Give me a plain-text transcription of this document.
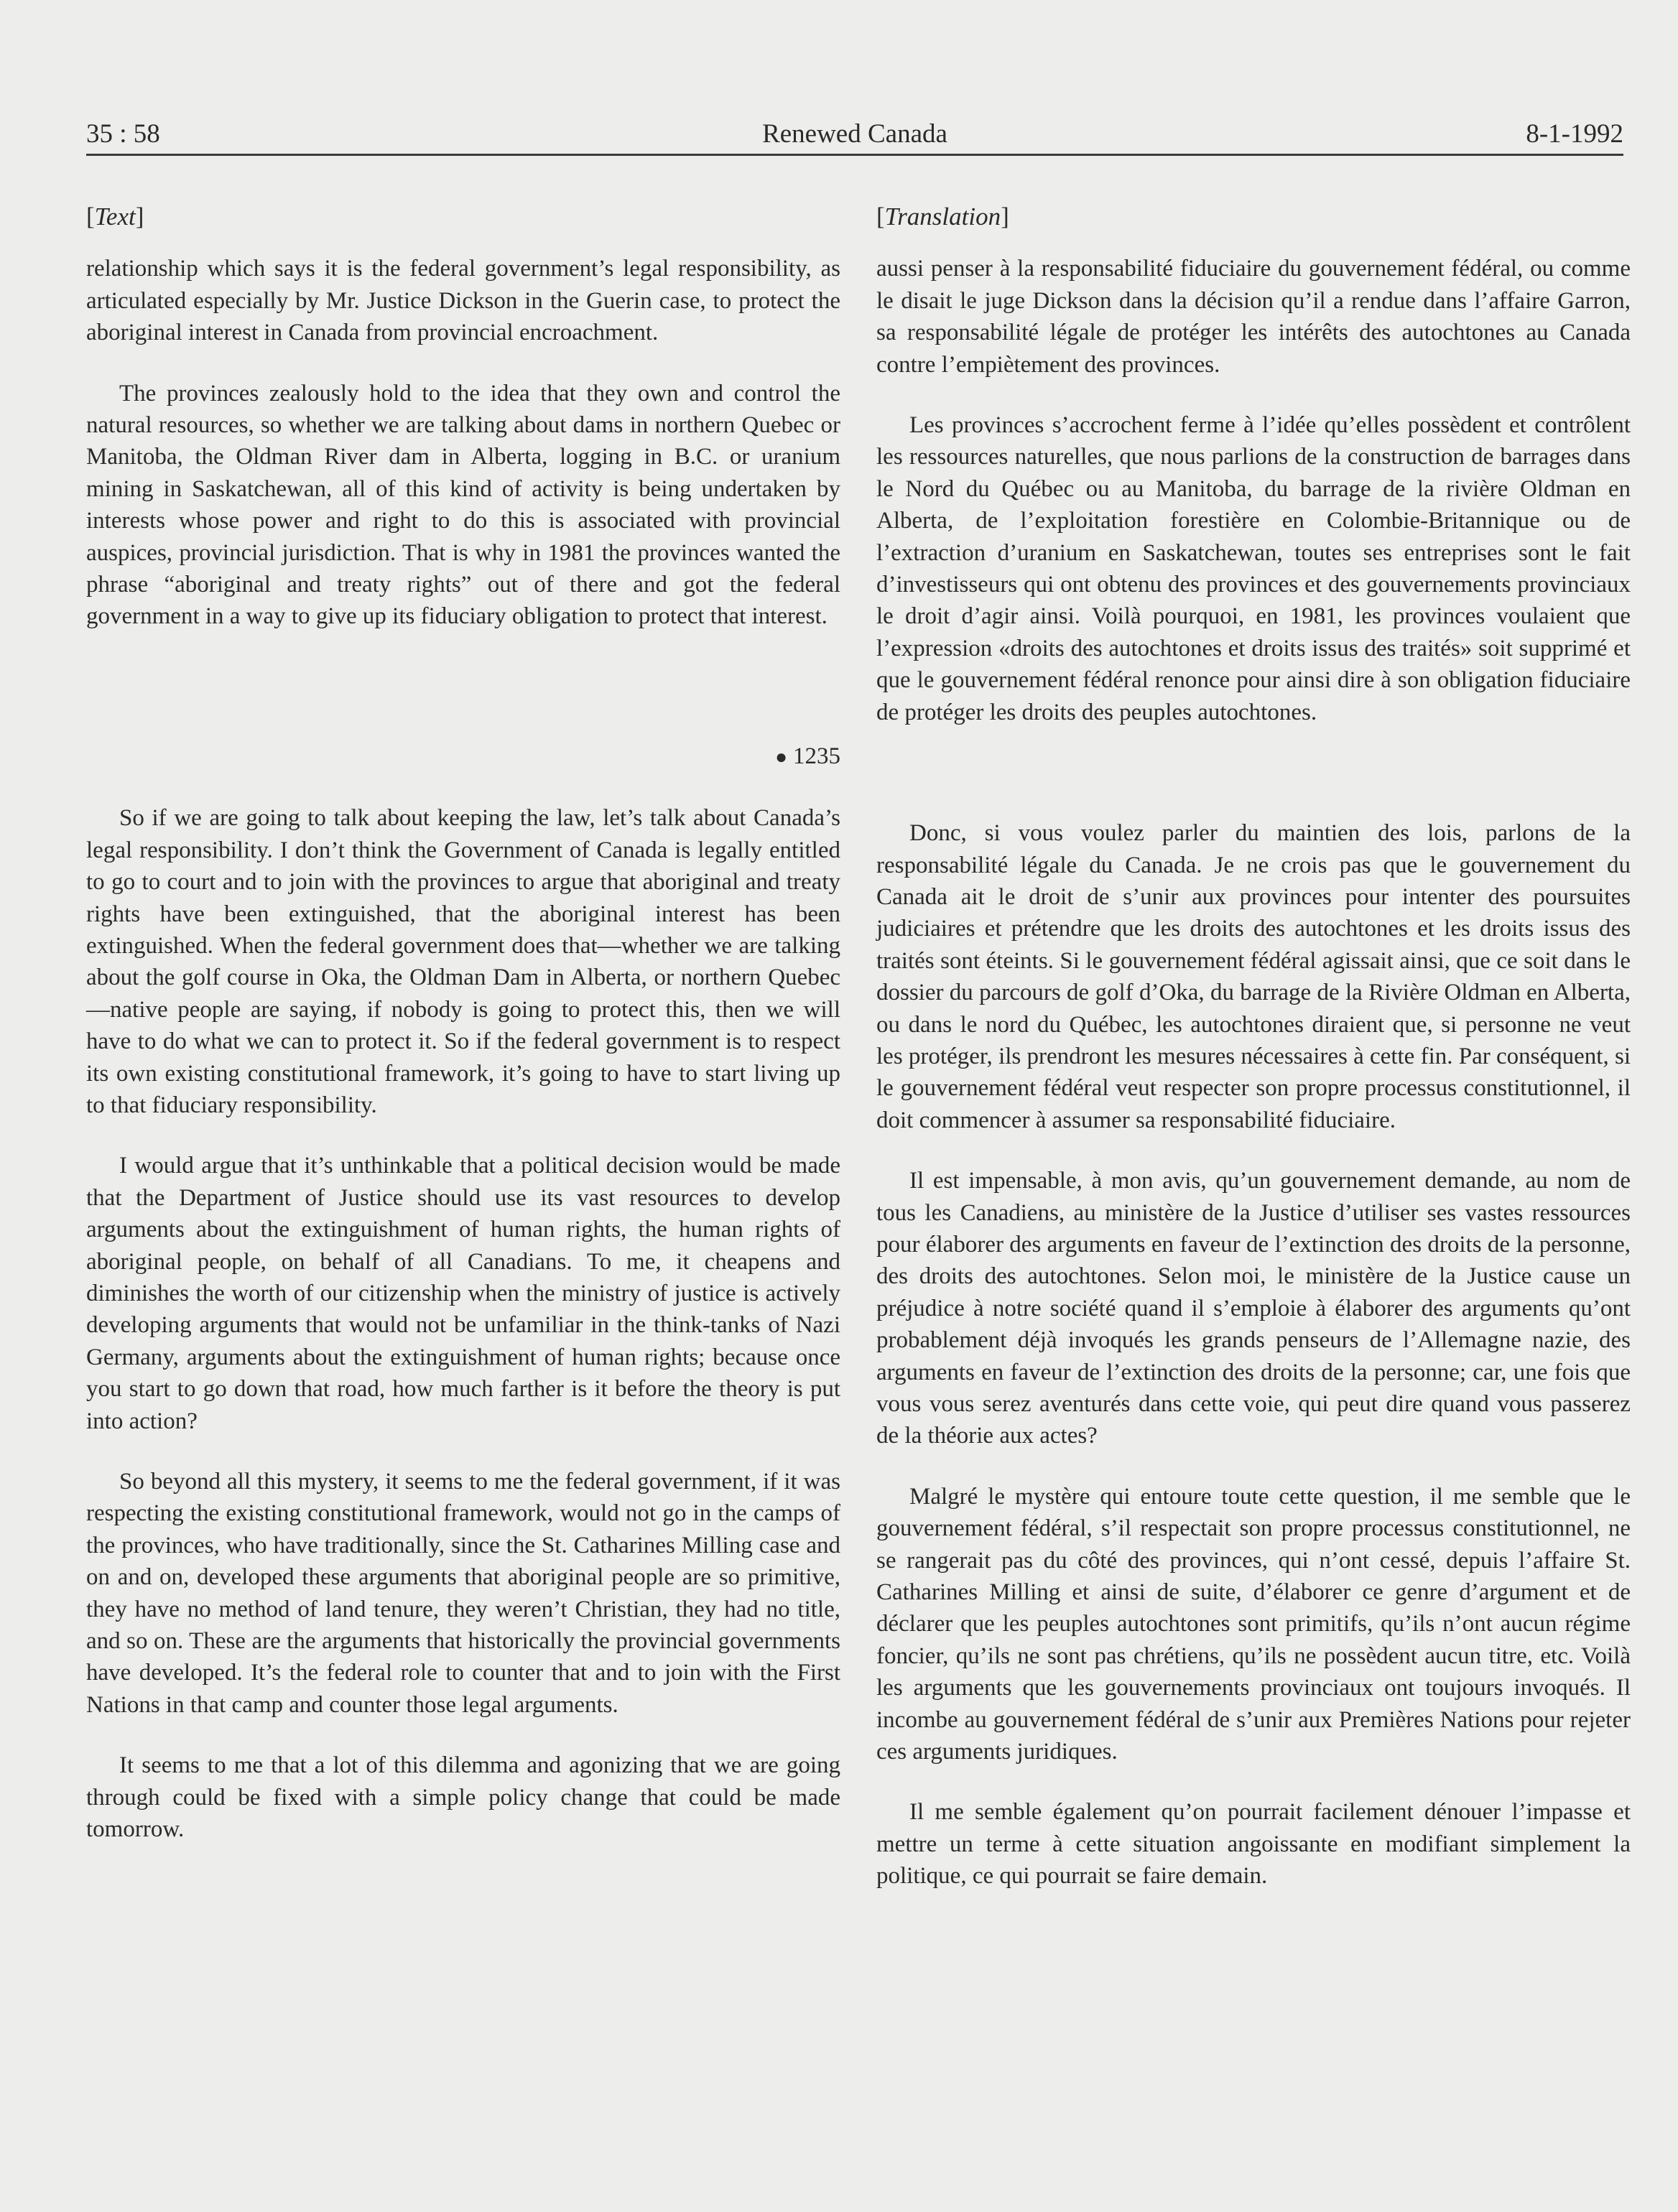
35 : 58	Renewed Canada	8-1-1992
[Text]

relationship which says it is the federal government’s legal responsibility, as articulated especially by Mr. Justice Dickson in the Guerin case, to protect the aboriginal interest in Canada from provincial encroachment.

The provinces zealously hold to the idea that they own and control the natural resources, so whether we are talking about dams in northern Quebec or Manitoba, the Oldman River dam in Alberta, logging in B.C. or uranium mining in Saskatchewan, all of this kind of activity is being undertaken by interests whose power and right to do this is associated with provincial auspices, provincial jurisdiction. That is why in 1981 the provinces wanted the phrase “aboriginal and treaty rights” out of there and got the federal government in a way to give up its fiduciary obligation to protect that interest.

● 1235

So if we are going to talk about keeping the law, let’s talk about Canada’s legal responsibility. I don’t think the Government of Canada is legally entitled to go to court and to join with the provinces to argue that aboriginal and treaty rights have been extinguished, that the aboriginal interest has been extinguished. When the federal government does that—whether we are talking about the golf course in Oka, the Oldman Dam in Alberta, or northern Quebec—native people are saying, if nobody is going to protect this, then we will have to do what we can to protect it. So if the federal government is to respect its own existing constitutional framework, it’s going to have to start living up to that fiduciary responsibility.

I would argue that it’s unthinkable that a political decision would be made that the Department of Justice should use its vast resources to develop arguments about the extinguishment of human rights, the human rights of aboriginal people, on behalf of all Canadians. To me, it cheapens and diminishes the worth of our citizenship when the ministry of justice is actively developing arguments that would not be unfamiliar in the think-tanks of Nazi Germany, arguments about the extinguishment of human rights; because once you start to go down that road, how much farther is it before the theory is put into action?

So beyond all this mystery, it seems to me the federal government, if it was respecting the existing constitutional framework, would not go in the camps of the provinces, who have traditionally, since the St. Catharines Milling case and on and on, developed these arguments that aboriginal people are so primitive, they have no method of land tenure, they weren’t Christian, they had no title, and so on. These are the arguments that historically the provincial governments have developed. It’s the federal role to counter that and to join with the First Nations in that camp and counter those legal arguments.

It seems to me that a lot of this dilemma and agonizing that we are going through could be fixed with a simple policy change that could be made tomorrow.

[Translation]

aussi penser à la responsabilité fiduciaire du gouvernement fédéral, ou comme le disait le juge Dickson dans la décision qu’il a rendue dans l’affaire Garron, sa responsabilité légale de protéger les intérêts des autochtones au Canada contre l’empiètement des provinces.

Les provinces s’accrochent ferme à l’idée qu’elles possèdent et contrôlent les ressources naturelles, que nous parlions de la construction de barrages dans le Nord du Québec ou au Manitoba, du barrage de la rivière Oldman en Alberta, de l’exploitation forestière en Colombie-Britannique ou de l’extraction d’uranium en Saskatchewan, toutes ses entreprises sont le fait d’investisseurs qui ont obtenu des provinces et des gouvernements provinciaux le droit d’agir ainsi. Voilà pourquoi, en 1981, les provinces voulaient que l’expression «droits des autochtones et droits issus des traités» soit supprimé et que le gouvernement fédéral renonce pour ainsi dire à son obligation fiduciaire de protéger les droits des peuples autochtones.

Donc, si vous voulez parler du maintien des lois, parlons de la responsabilité légale du Canada. Je ne crois pas que le gouvernement du Canada ait le droit de s’unir aux provinces pour intenter des poursuites judiciaires et prétendre que les droits des autochtones et les droits issus des traités sont éteints. Si le gouvernement fédéral agissait ainsi, que ce soit dans le dossier du parcours de golf d’Oka, du barrage de la Rivière Oldman en Alberta, ou dans le nord du Québec, les autochtones diraient que, si personne ne veut les protéger, ils prendront les mesures nécessaires à cette fin. Par conséquent, si le gouvernement fédéral veut respecter son propre processus constitutionnel, il doit commencer à assumer sa responsabilité fiduciaire.

Il est impensable, à mon avis, qu’un gouvernement demande, au nom de tous les Canadiens, au ministère de la Justice d’utiliser ses vastes ressources pour élaborer des arguments en faveur de l’extinction des droits de la personne, des droits des autochtones. Selon moi, le ministère de la Justice cause un préjudice à notre société quand il s’emploie à élaborer des arguments qu’ont probablement déjà invoqués les grands penseurs de l’Allemagne nazie, des arguments en faveur de l’extinction des droits de la personne; car, une fois que vous vous serez aventurés dans cette voie, qui peut dire quand vous passerez de la théorie aux actes?

Malgré le mystère qui entoure toute cette question, il me semble que le gouvernement fédéral, s’il respectait son propre processus constitutionnel, ne se rangerait pas du côté des provinces, qui n’ont cessé, depuis l’affaire St. Catharines Milling et ainsi de suite, d’élaborer ce genre d’argument et de déclarer que les peuples autochtones sont primitifs, qu’ils n’ont aucun régime foncier, qu’ils ne sont pas chrétiens, qu’ils ne possèdent aucun titre, etc. Voilà les arguments que les gouvernements provinciaux ont toujours invoqués. Il incombe au gouvernement fédéral de s’unir aux Premières Nations pour rejeter ces arguments juridiques.

Il me semble également qu’on pourrait facilement dénouer l’impasse et mettre un terme à cette situation angoissante en modifiant simplement la politique, ce qui pourrait se faire demain.
